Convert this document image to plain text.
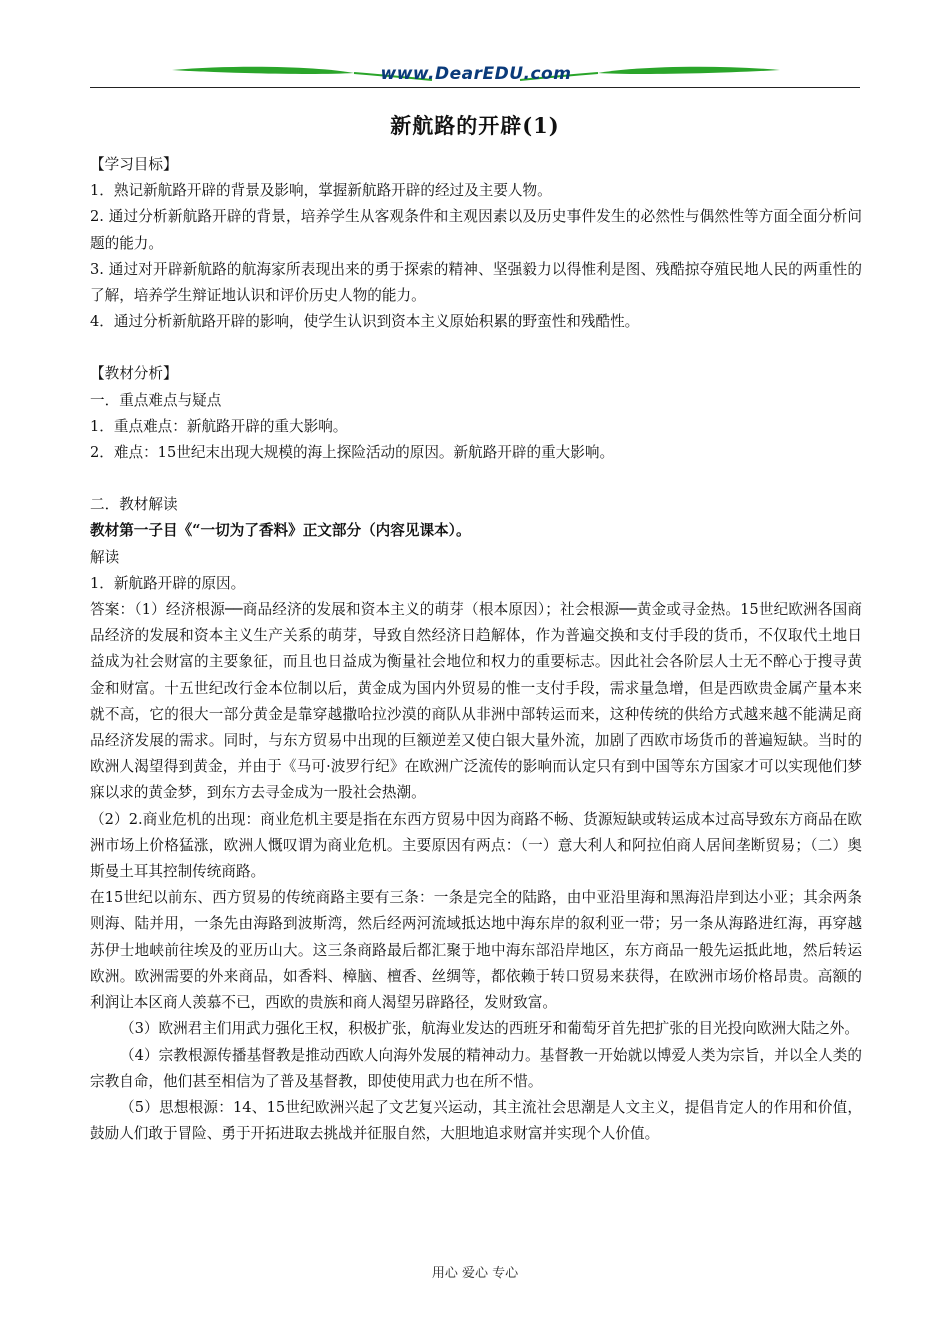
www.DearEDU.com
新航路的开辟(1)

【学习目标】

1．熟记新航路开辟的背景及影响，掌握新航路开辟的经过及主要人物。

2. 通过分析新航路开辟的背景，培养学生从客观条件和主观因素以及历史事件发生的必然性与偶然性等方面全面分析问题的能力。

3. 通过对开辟新航路的航海家所表现出来的勇于探索的精神、坚强毅力以得惟利是图、残酷掠夺殖民地人民的两重性的了解，培养学生辩证地认识和评价历史人物的能力。

4．通过分析新航路开辟的影响，使学生认识到资本主义原始积累的野蛮性和残酷性。

【教材分析】

一．重点难点与疑点

1．重点难点：新航路开辟的重大影响。

2．难点：15世纪末出现大规模的海上探险活动的原因。新航路开辟的重大影响。

二．教材解读

教材第一子目《“一切为了香料》正文部分（内容见课本）。

解读

1．新航路开辟的原因。

答案：（1）经济根源──商品经济的发展和资本主义的萌芽（根本原因）；社会根源──黄金或寻金热。15世纪欧洲各国商品经济的发展和资本主义生产关系的萌芽，导致自然经济日趋解体，作为普遍交换和支付手段的货币，不仅取代土地日益成为社会财富的主要象征，而且也日益成为衡量社会地位和权力的重要标志。因此社会各阶层人士无不醉心于搜寻黄金和财富。十五世纪改行金本位制以后，黄金成为国内外贸易的惟一支付手段，需求量急增，但是西欧贵金属产量本来就不高，它的很大一部分黄金是靠穿越撒哈拉沙漠的商队从非洲中部转运而来，这种传统的供给方式越来越不能满足商品经济发展的需求。同时，与东方贸易中出现的巨额逆差又使白银大量外流，加剧了西欧市场货币的普遍短缺。当时的欧洲人渴望得到黄金，并由于《马可·波罗行纪》在欧洲广泛流传的影响而认定只有到中国等东方国家才可以实现他们梦寐以求的黄金梦，到东方去寻金成为一股社会热潮。

（2）2.商业危机的出现：商业危机主要是指在东西方贸易中因为商路不畅、货源短缺或转运成本过高导致东方商品在欧洲市场上价格猛涨，欧洲人慨叹谓为商业危机。主要原因有两点：（一）意大利人和阿拉伯商人居间垄断贸易；（二）奥斯曼土耳其控制传统商路。

在15世纪以前东、西方贸易的传统商路主要有三条：一条是完全的陆路，由中亚沿里海和黑海沿岸到达小亚；其余两条则海、陆并用，一条先由海路到波斯湾，然后经两河流域抵达地中海东岸的叙利亚一带；另一条从海路进红海，再穿越苏伊士地峡前往埃及的亚历山大。这三条商路最后都汇聚于地中海东部沿岸地区，东方商品一般先运抵此地，然后转运欧洲。欧洲需要的外来商品，如香料、樟脑、檀香、丝绸等，都依赖于转口贸易来获得，在欧洲市场价格昂贵。高额的利润让本区商人羡慕不已，西欧的贵族和商人渴望另辟路径，发财致富。

（3）欧洲君主们用武力强化王权，积极扩张，航海业发达的西班牙和葡萄牙首先把扩张的目光投向欧洲大陆之外。

（4）宗教根源传播基督教是推动西欧人向海外发展的精神动力。基督教一开始就以博爱人类为宗旨，并以全人类的宗教自命，他们甚至相信为了普及基督教，即使使用武力也在所不惜。

（5）思想根源：14、15世纪欧洲兴起了文艺复兴运动，其主流社会思潮是人文主义，提倡肯定人的作用和价值，鼓励人们敢于冒险、勇于开拓进取去挑战并征服自然，大胆地追求财富并实现个人价值。

用心 爱心 专心
